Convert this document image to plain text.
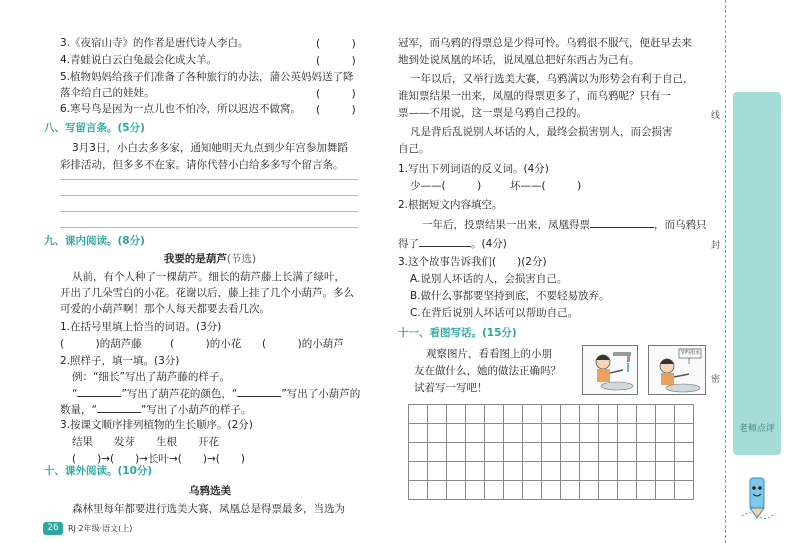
3.《夜宿山寺》的作者是唐代诗人李白。	(　　　)
4.青蛙说白云白兔最会化成大羊。	(　　　)
5.植物妈妈给孩子们准备了各种旅行的办法，蒲公英妈妈送了降
落伞给自己的娃娃。	(　　　)
6.寒号鸟是因为一点儿也不怕冷，所以迟迟不做窝。 (　　　)
八、写留言条。(5分)
3月3日，小白去多多家，通知她明天九点到少年宫参加舞蹈
彩排活动，但多多不在家。请你代替小白给多多写个留言条。
九、课内阅读。(8分)
我要的是葫芦(节选)
从前，有个人种了一棵葫芦。细长的葫芦藤上长满了绿叶，
开出了几朵雪白的小花。花谢以后，藤上挂了几个小葫芦。多么
可爱的小葫芦啊！那个人每天都要去看几次。
1.在括号里填上恰当的词语。(3分)
(　　　)的葫芦藤	(　　　)的小花 (　　　)的小葫芦
2.照样子，填一填。(3分)
例：“细长”写出了葫芦藤的样子。
“	”写出了葫芦花的颜色，“	”写出了小葫芦的
数量，“	”写出了小葫芦的样子。
3.按课文顺序排列植物的生长顺序。(2分)
结果 发芽 生根 开花
(　　)→(　　)→长叶→(　　)→(　　)
十、课外阅读。(10分)
乌鸦选美
森林里每年都要进行选美大赛，凤凰总是得票最多，当选为
26	RJ·2年级·语文(上)
冠军，而乌鸦的得票总是少得可怜。乌鸦很不服气，便赶早去来
地到处说凤凰的坏话，说凤凰总把好东西占为己有。
一年以后，又举行选美大赛，乌鸦满以为形势会有利于自己，
谁知票结果一出来，凤凰的得票更多了，而乌鸦呢？只有一
票——不用说，这一票是乌鸦自己投的。
凡是背后乱说别人坏话的人，最终会损害别人，而会损害
自己。
1.写出下列词语的反义词。(4分)
少——(　　　)	坏——(　　　)
2.根据短文内容填空。
一年后，投票结果一出来，凤凰得票	，而乌鸦只
得了	。(4分)
3.这个故事告诉我们(　　)(2分)
A.说别人坏话的人，会损害自己。
B.做什么事都要坚持到底，不要轻易放弃。
C.在背后说别人坏话可以帮助自己。
十一、看图写话。(15分)
观察图片，看看图上的小朋
友在做什么，她的做法正确吗？
试着写一写吧！
节约用水
线
封
密
老师点评
